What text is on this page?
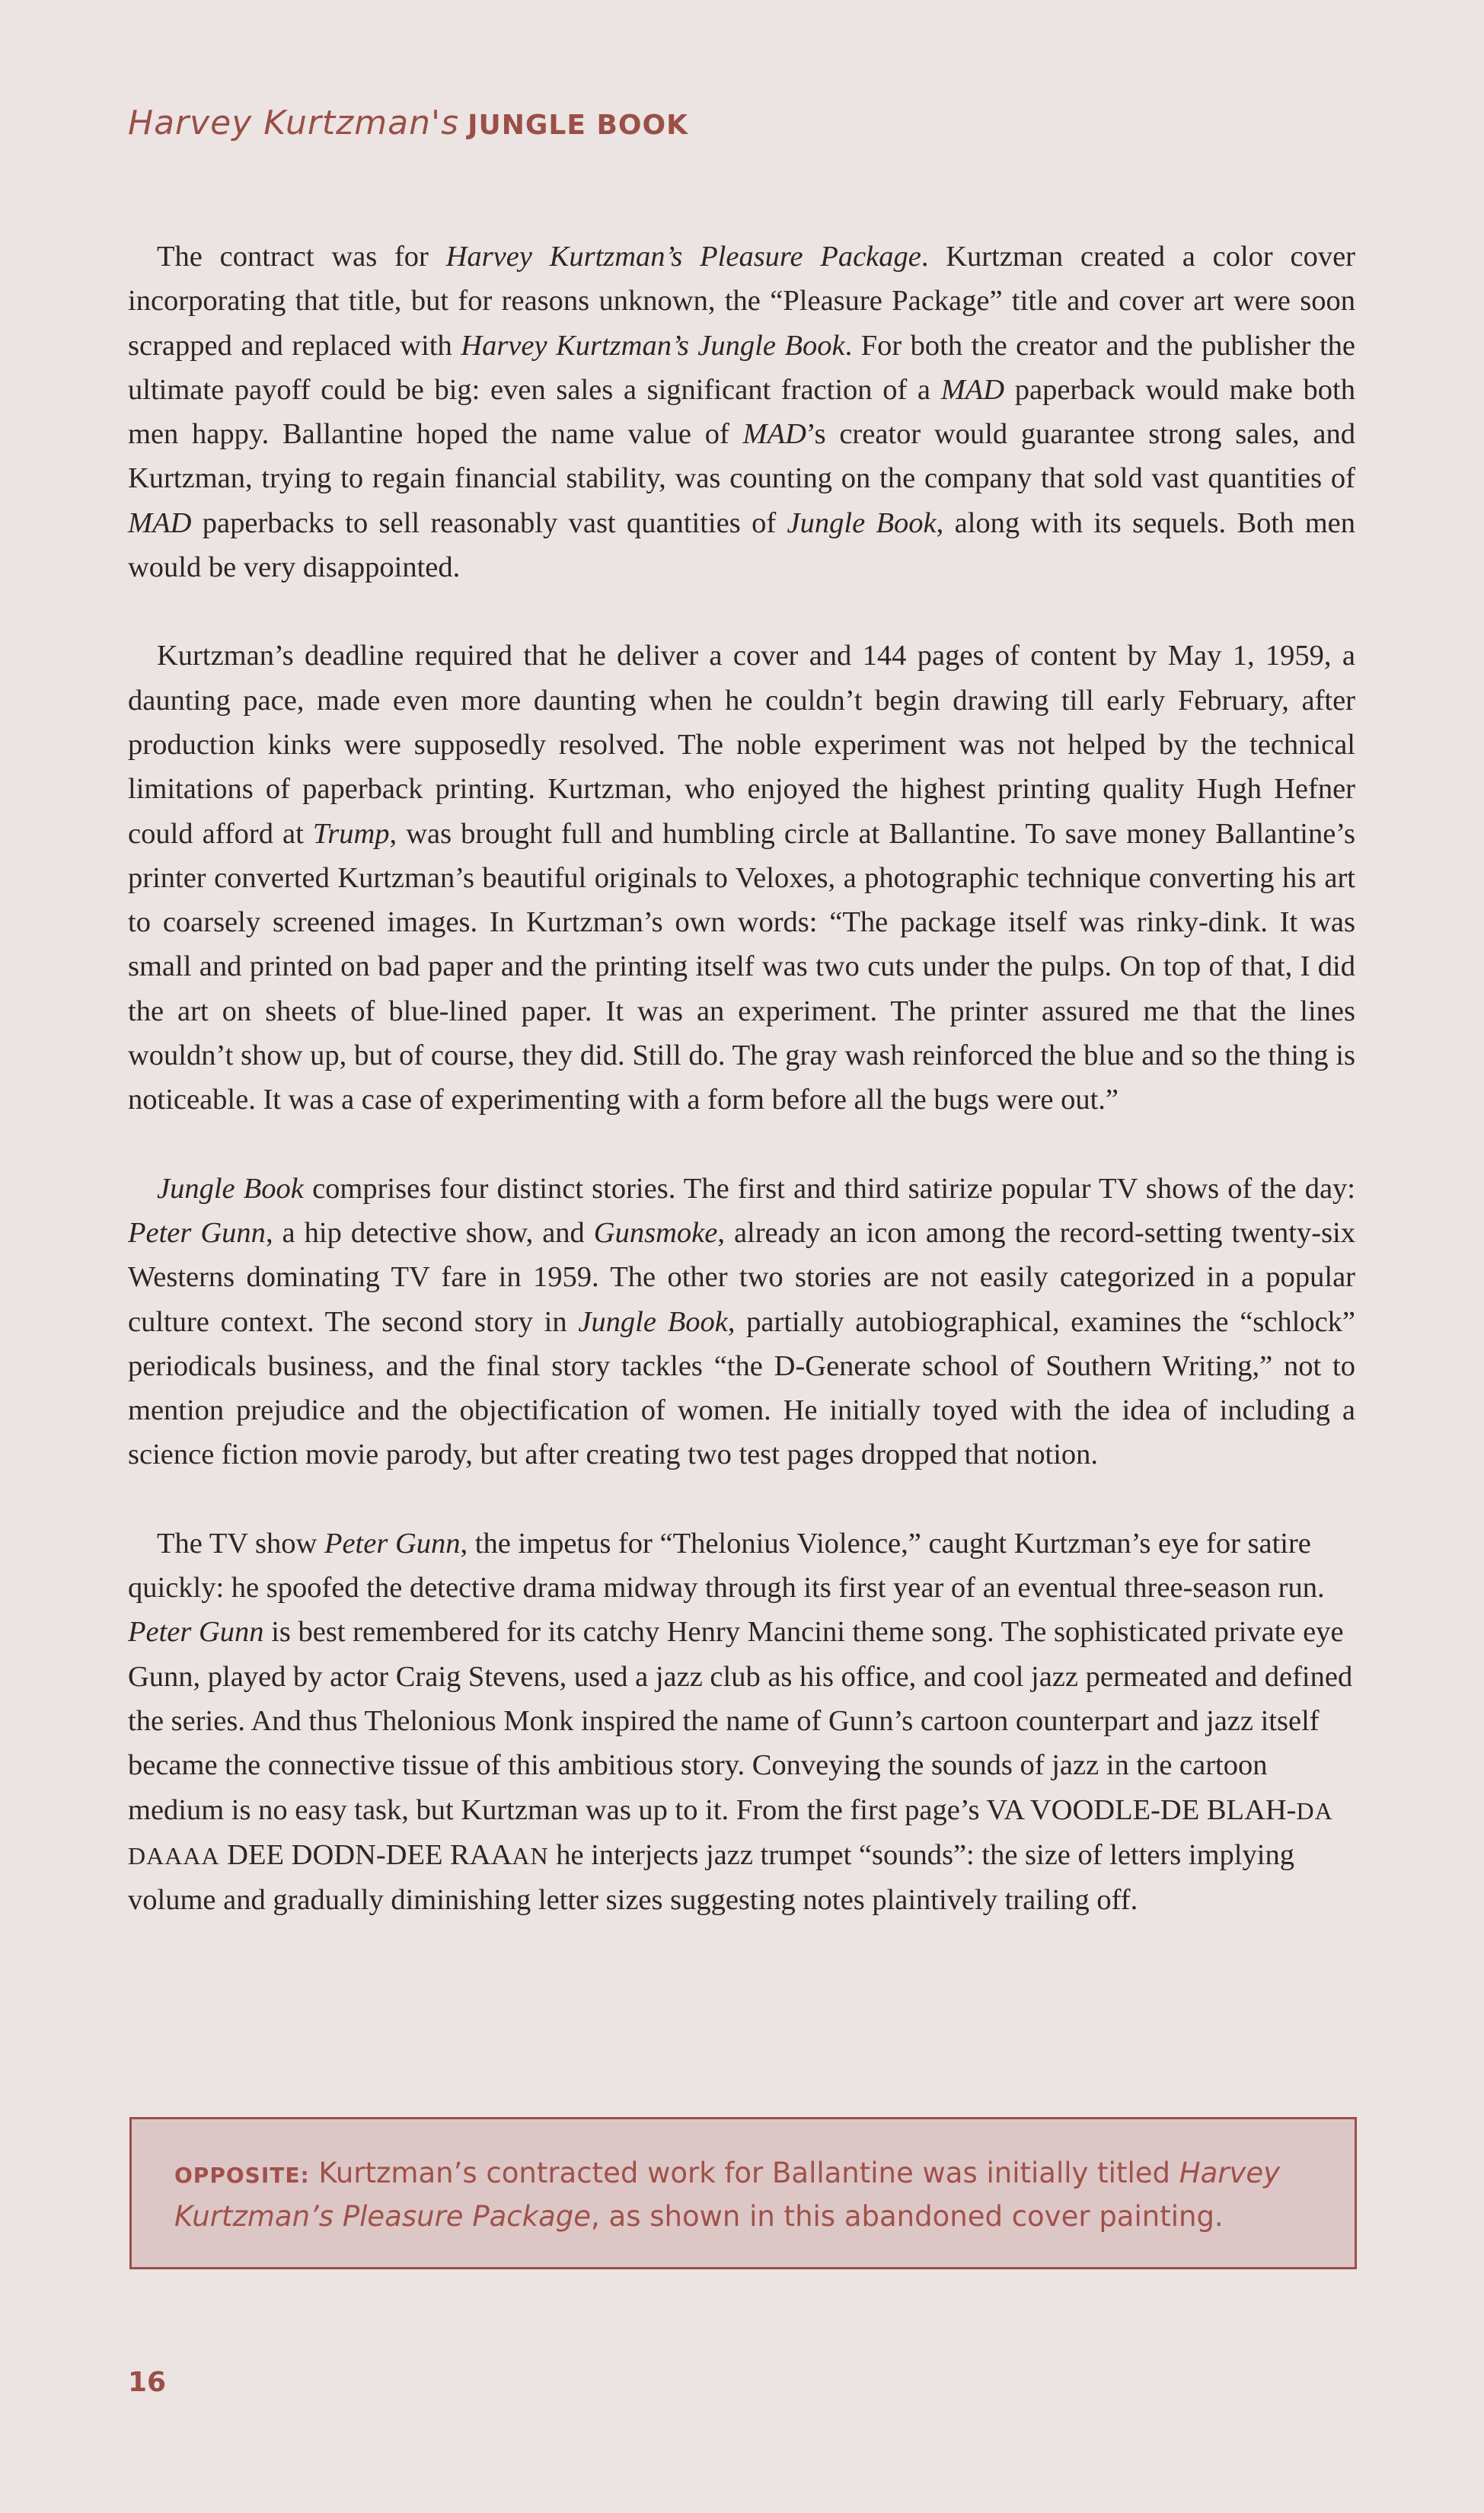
Harvey Kurtzman's JUNGLE BOOK

The contract was for Harvey Kurtzman’s Pleasure Package. Kurtzman created a color cover incorporating that title, but for reasons unknown, the “Pleasure Package” title and cover art were soon scrapped and replaced with Harvey Kurtzman’s Jungle Book. For both the creator and the publisher the ultimate payoff could be big: even sales a significant fraction of a MAD paperback would make both men happy. Ballantine hoped the name value of MAD’s creator would guarantee strong sales, and Kurtzman, trying to regain financial stability, was counting on the company that sold vast quantities of MAD paperbacks to sell reasonably vast quantities of Jungle Book, along with its sequels. Both men would be very disappointed.

Kurtzman’s deadline required that he deliver a cover and 144 pages of content by May 1, 1959, a daunting pace, made even more daunting when he couldn’t begin drawing till early February, after production kinks were supposedly resolved. The noble experiment was not helped by the technical limitations of paperback printing. Kurtzman, who enjoyed the highest printing quality Hugh Hefner could afford at Trump, was brought full and humbling circle at Ballantine. To save money Ballantine’s printer converted Kurtzman’s beautiful originals to Veloxes, a photographic technique converting his art to coarsely screened images. In Kurtzman’s own words: “The package itself was rinky-dink. It was small and printed on bad paper and the printing itself was two cuts under the pulps. On top of that, I did the art on sheets of blue-lined paper. It was an experiment. The printer assured me that the lines wouldn’t show up, but of course, they did. Still do. The gray wash reinforced the blue and so the thing is noticeable. It was a case of experimenting with a form before all the bugs were out.”

Jungle Book comprises four distinct stories. The first and third satirize popular TV shows of the day: Peter Gunn, a hip detective show, and Gunsmoke, already an icon among the record-setting twenty-six Westerns dominating TV fare in 1959. The other two stories are not easily categorized in a popular culture context. The second story in Jungle Book, partially autobiographical, examines the “schlock” periodicals business, and the final story tackles “the D-Generate school of Southern Writing,” not to mention prejudice and the objectification of women. He initially toyed with the idea of including a science fiction movie parody, but after creating two test pages dropped that notion.

The TV show Peter Gunn, the impetus for “Thelonius Violence,” caught Kurtzman’s eye for satire quickly: he spoofed the detective drama midway through its first year of an eventual three-season run. Peter Gunn is best remembered for its catchy Henry Mancini theme song. The sophisticated private eye Gunn, played by actor Craig Stevens, used a jazz club as his office, and cool jazz permeated and defined the series. And thus Thelonious Monk inspired the name of Gunn’s cartoon counterpart and jazz itself became the connective tissue of this ambitious story. Conveying the sounds of jazz in the cartoon medium is no easy task, but Kurtzman was up to it. From the first page’s VA VOODLE-DE BLAH-DA DAAAA DEE DODN-DEE RAAAN he interjects jazz trumpet “sounds”: the size of letters implying volume and gradually diminishing letter sizes suggesting notes plaintively trailing off.

OPPOSITE: Kurtzman’s contracted work for Ballantine was initially titled Harvey Kurtzman’s Pleasure Package, as shown in this abandoned cover painting.
16
